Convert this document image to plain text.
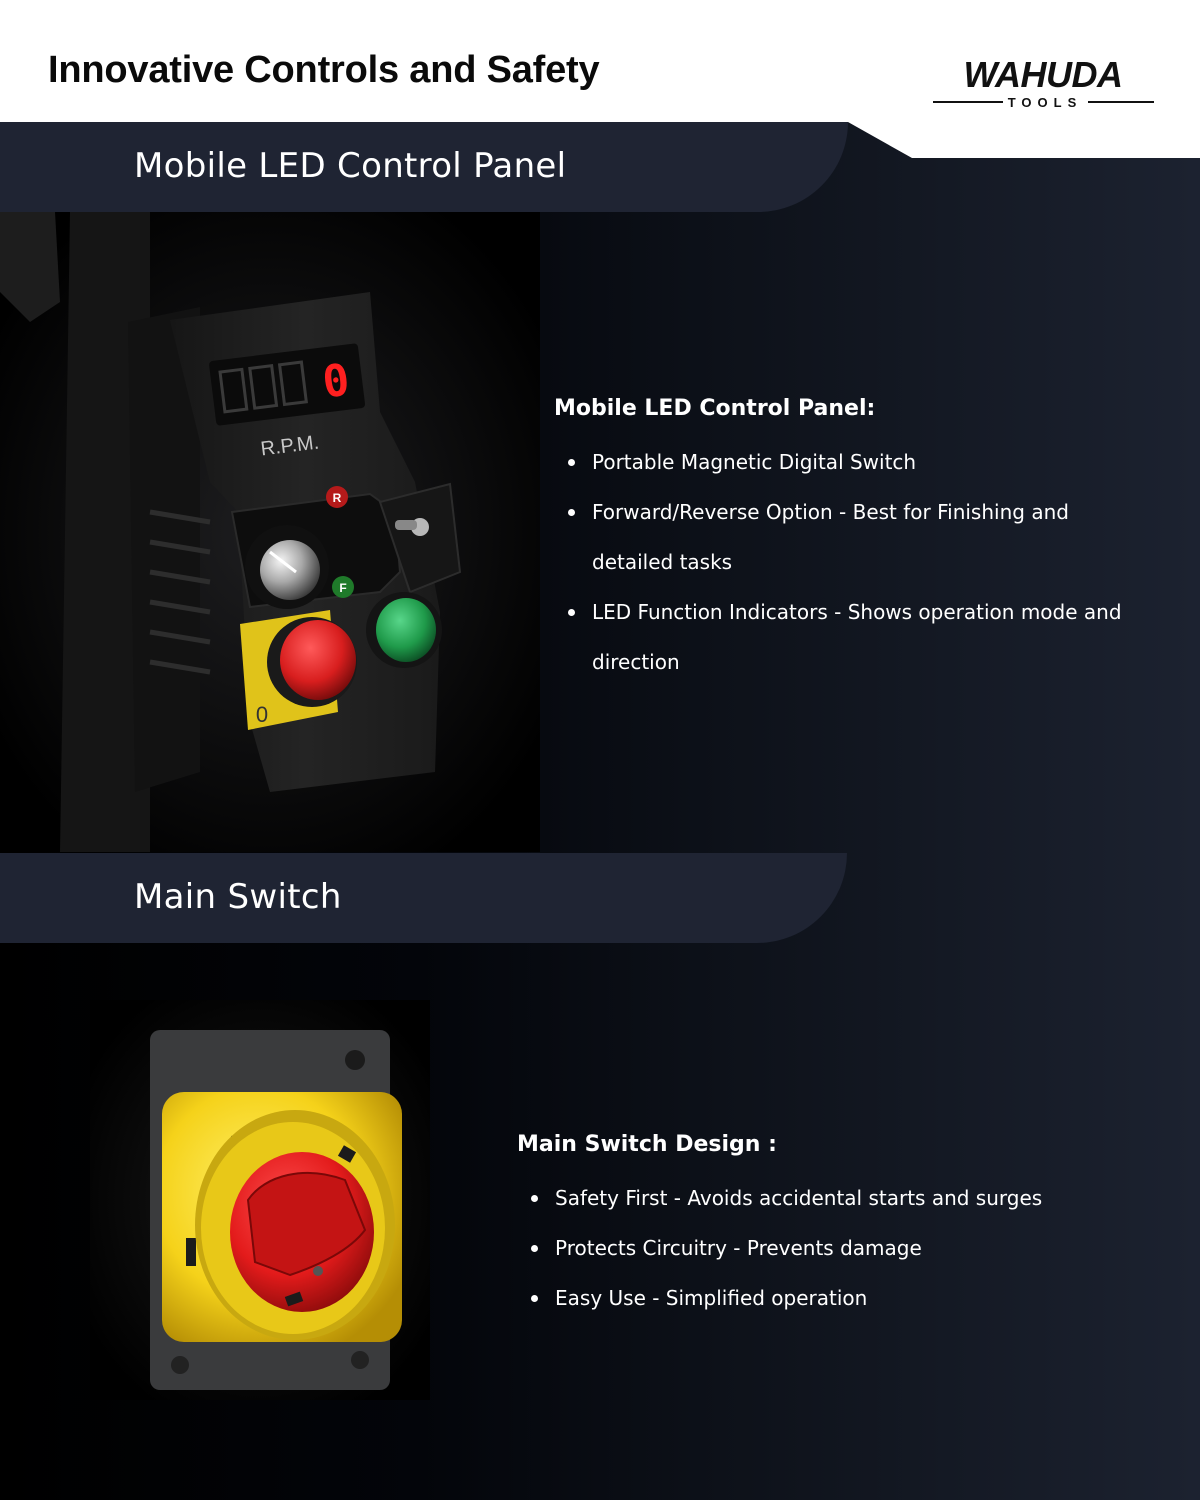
Innovative Controls and Safety	WAHUDA
TOOLS
Mobile LED Control Panel
0
R.P.M.
R
F
0
Mobile LED Control Panel:
Portable Magnetic Digital Switch
Forward/Reverse Option - Best for Finishing and detailed tasks
LED Function Indicators - Shows operation mode and direction
Main Switch
Main Switch Design :
Safety First - Avoids accidental starts and surges
Protects Circuitry - Prevents damage
Easy Use - Simplified operation
